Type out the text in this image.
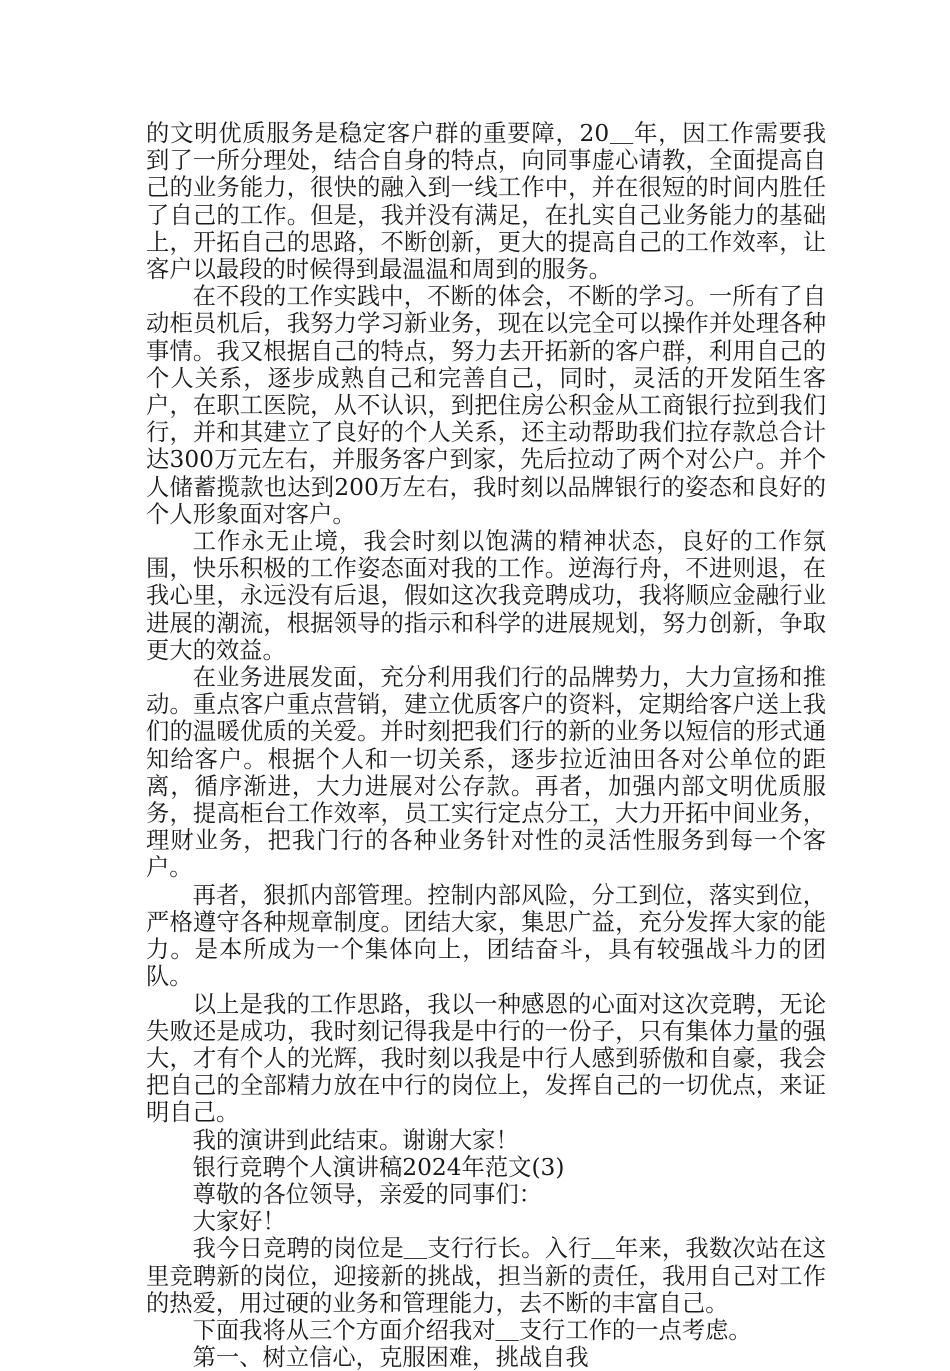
的文明优质服务是稳定客户群的重要障，20＿年，因工作需要我到了一所分理处，结合自身的特点，向同事虚心请教，全面提高自己的业务能力，很快的融入到一线工作中，并在很短的时间内胜任了自己的工作。但是，我并没有满足，在扎实自己业务能力的基础上，开拓自己的思路，不断创新，更大的提高自己的工作效率，让客户以最段的时候得到最温温和周到的服务。

在不段的工作实践中，不断的体会，不断的学习。一所有了自动柜员机后，我努力学习新业务，现在以完全可以操作并处理各种事情。我又根据自己的特点，努力去开拓新的客户群，利用自己的个人关系，逐步成熟自己和完善自己，同时，灵活的开发陌生客户，在职工医院，从不认识，到把住房公积金从工商银行拉到我们行，并和其建立了良好的个人关系，还主动帮助我们拉存款总合计达300万元左右，并服务客户到家，先后拉动了两个对公户。并个人储蓄揽款也达到200万左右，我时刻以品牌银行的姿态和良好的个人形象面对客户。

工作永无止境，我会时刻以饱满的精神状态，良好的工作氛围，快乐积极的工作姿态面对我的工作。逆海行舟，不进则退，在我心里，永远没有后退，假如这次我竞聘成功，我将顺应金融行业进展的潮流，根据领导的指示和科学的进展规划，努力创新，争取更大的效益。

在业务进展发面，充分利用我们行的品牌势力，大力宣扬和推动。重点客户重点营销，建立优质客户的资料，定期给客户送上我们的温暖优质的关爱。并时刻把我们行的新的业务以短信的形式通知给客户。根据个人和一切关系，逐步拉近油田各对公单位的距离，循序渐进，大力进展对公存款。再者，加强内部文明优质服务，提高柜台工作效率，员工实行定点分工，大力开拓中间业务，理财业务，把我门行的各种业务针对性的灵活性服务到每一个客户。

再者，狠抓内部管理。控制内部风险，分工到位，落实到位，严格遵守各种规章制度。团结大家，集思广益，充分发挥大家的能力。是本所成为一个集体向上，团结奋斗，具有较强战斗力的团队。

以上是我的工作思路，我以一种感恩的心面对这次竞聘，无论失败还是成功，我时刻记得我是中行的一份子，只有集体力量的强大，才有个人的光辉，我时刻以我是中行人感到骄傲和自豪，我会把自己的全部精力放在中行的岗位上，发挥自己的一切优点，来证明自己。

我的演讲到此结束。谢谢大家！

银行竞聘个人演讲稿2024年范文(3)

尊敬的各位领导，亲爱的同事们：

大家好！

我今日竞聘的岗位是＿支行行长。入行＿年来，我数次站在这里竞聘新的岗位，迎接新的挑战，担当新的责任，我用自己对工作的热爱，用过硬的业务和管理能力，去不断的丰富自己。

下面我将从三个方面介绍我对＿支行工作的一点考虑。

第一、树立信心，克服困难，挑战自我
